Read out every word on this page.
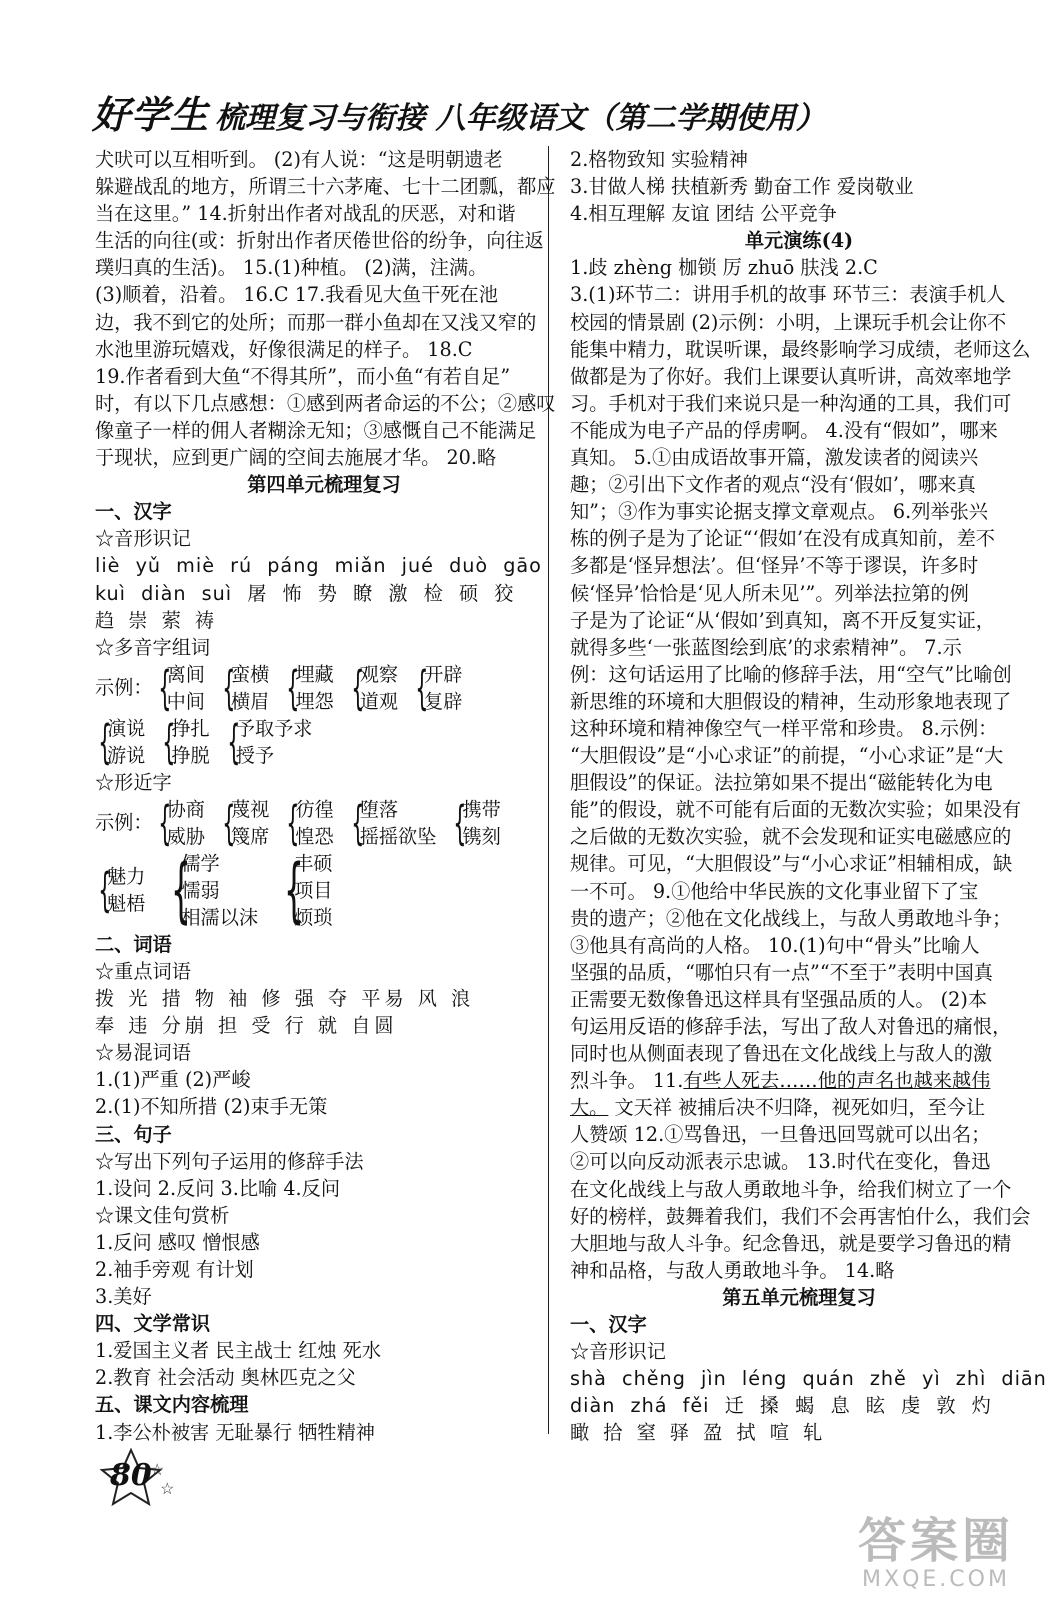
好学生 梳理复习与衔接 八年级语文（第二学期使用）

犬吠可以互相听到。 (2)有人说：“这是明朝遗老

躲避战乱的地方，所谓三十六茅庵、七十二团瓢，都应

当在这里。” 14.折射出作者对战乱的厌恶，对和谐

生活的向往(或：折射出作者厌倦世俗的纷争，向往返

璞归真的生活)。 15.(1)种植。 (2)满，注满。

(3)顺着，沿着。 16.C 17.我看见大鱼干死在池

边，我不到它的处所；而那一群小鱼却在又浅又窄的

水池里游玩嬉戏，好像很满足的样子。 18.C

19.作者看到大鱼“不得其所”，而小鱼“有若自足”

时，有以下几点感想：①感到两者命运的不公；②感叹

像童子一样的佣人者糊涂无知；③感慨自己不能满足

于现状，应到更广阔的空间去施展才华。 20.略

第四单元梳理复习

一、汉字

☆音形识记

liè yǔ miè rú páng miǎn jué duò gāo

kuì diàn suì 屠 怖 势 瞭 激 检 硕 狡

趋 崇 萦 祷

☆多音字组词

示例： {
离间
中间 {
蛮横
横眉 {
埋藏
埋怨 {
观察
道观 {
开辟
复辟
{
演说
游说 {
挣扎
挣脱 {
予取予求
授予

☆形近字

示例： {
协商
威胁 {
蔑视
篾席 {
彷徨
惶恐 {
堕落
摇摇欲坠 {
携带
镌刻
{
魅力
魁梧 {
儒学
懦弱
相濡以沫 {
丰硕
项目
烦琐

二、词语

☆重点词语

拨 光 措 物 袖 修 强 夺 平易 风 浪

奉 违 分崩 担 受 行 就 自圆

☆易混词语

1.(1)严重 (2)严峻

2.(1)不知所措 (2)束手无策

三、句子

☆写出下列句子运用的修辞手法

1.设问 2.反问 3.比喻 4.反问

☆课文佳句赏析

1.反问 感叹 憎恨感

2.袖手旁观 有计划

3.美好

四、文学常识

1.爱国主义者 民主战士 红烛 死水

2.教育 社会活动 奥林匹克之父

五、课文内容梳理

1.李公朴被害 无耻暴行 牺牲精神

2.格物致知 实验精神

3.甘做人梯 扶植新秀 勤奋工作 爱岗敬业

4.相互理解 友谊 团结 公平竞争

单元演练(4)

1.歧 zhèng 枷锁 厉 zhuō 肤浅 2.C

3.(1)环节二：讲用手机的故事 环节三：表演手机人

校园的情景剧 (2)示例：小明，上课玩手机会让你不

能集中精力，耽误听课，最终影响学习成绩，老师这么

做都是为了你好。我们上课要认真听讲，高效率地学

习。手机对于我们来说只是一种沟通的工具，我们可

不能成为电子产品的俘虏啊。 4.没有“假如”，哪来

真知。 5.①由成语故事开篇，激发读者的阅读兴

趣；②引出下文作者的观点“没有‘假如’，哪来真

知”；③作为事实论据支撑文章观点。 6.列举张兴

栋的例子是为了论证“‘假如’在没有成真知前，差不

多都是‘怪异想法’。但‘怪异’不等于谬误，许多时

候‘怪异’恰恰是‘见人所未见’”。列举法拉第的例

子是为了论证“从‘假如’到真知，离不开反复实证，

就得多些‘一张蓝图绘到底’的求索精神”。 7.示

例：这句话运用了比喻的修辞手法，用“空气”比喻创

新思维的环境和大胆假设的精神，生动形象地表现了

这种环境和精神像空气一样平常和珍贵。 8.示例：

“大胆假设”是“小心求证”的前提，“小心求证”是“大

胆假设”的保证。法拉第如果不提出“磁能转化为电

能”的假设，就不可能有后面的无数次实验；如果没有

之后做的无数次实验，就不会发现和证实电磁感应的

规律。可见，“大胆假设”与“小心求证”相辅相成，缺

一不可。 9.①他给中华民族的文化事业留下了宝

贵的遗产；②他在文化战线上，与敌人勇敢地斗争；

③他具有高尚的人格。 10.(1)句中“骨头”比喻人

坚强的品质，“哪怕只有一点”“不至于”表明中国真

正需要无数像鲁迅这样具有坚强品质的人。 (2)本

句运用反语的修辞手法，写出了敌人对鲁迅的痛恨，

同时也从侧面表现了鲁迅在文化战线上与敌人的激

烈斗争。 11.有些人死去……他的声名也越来越伟

大。 文天祥 被捕后决不归降，视死如归，至今让

人赞颂 12.①骂鲁迅，一旦鲁迅回骂就可以出名；

②可以向反动派表示忠诚。 13.时代在变化，鲁迅

在文化战线上与敌人勇敢地斗争，给我们树立了一个

好的榜样，鼓舞着我们，我们不会再害怕什么，我们会

大胆地与敌人斗争。纪念鲁迅，就是要学习鲁迅的精

神和品格，与敌人勇敢地斗争。 14.略

第五单元梳理复习

一、汉字

☆音形识记

shà chěng jìn léng quán zhě yì zhì diān

diàn zhá fěi 迁 搡 蝎 息 眩 虔 敦 灼

瞰 拾 窒 驿 盈 拭 喧 轧

80
☆
☆
答案圈
MXQE.COM
